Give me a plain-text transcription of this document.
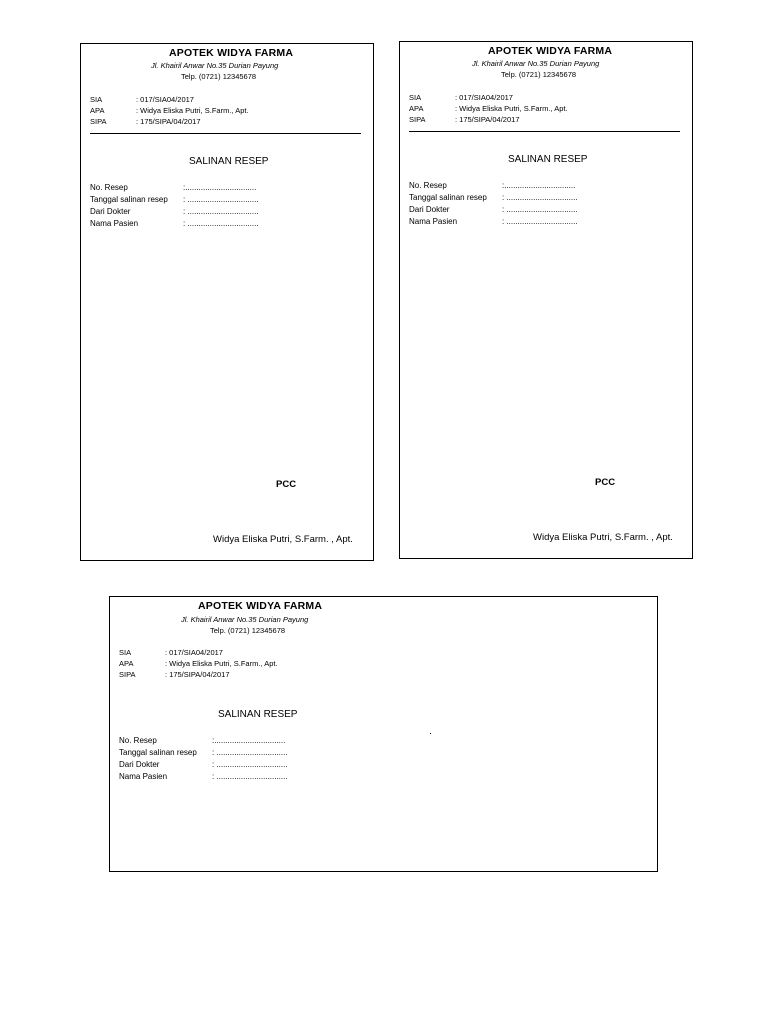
APOTEK WIDYA FARMA
Jl. Khairil Anwar No.35 Durian Payung
Telp. (0721) 12345678
SIA	: 017/SIA04/2017
APA	: Widya Eliska Putri, S.Farm., Apt.
SIPA	: 175/SIPA/04/2017
SALINAN RESEP
No. Resep	:................................
Tanggal salinan resep : ................................
Dari Dokter	: ................................
Nama Pasien	: ................................
PCC
Widya Eliska Putri, S.Farm. , Apt.
APOTEK WIDYA FARMA
Jl. Khairil Anwar No.35 Durian Payung
Telp. (0721) 12345678
SIA	: 017/SIA04/2017
APA	: Widya Eliska Putri, S.Farm., Apt.
SIPA	: 175/SIPA/04/2017
SALINAN RESEP
No. Resep	:................................
Tanggal salinan resep : ................................
Dari Dokter	: ................................
Nama Pasien	: ................................
PCC
Widya Eliska Putri, S.Farm. , Apt.
APOTEK WIDYA FARMA
Jl. Khairil Anwar No.35 Durian Payung
Telp. (0721) 12345678
SIA	: 017/SIA04/2017
APA	: Widya Eliska Putri, S.Farm., Apt.
SIPA	: 175/SIPA/04/2017
SALINAN RESEP
No. Resep	:................................
Tanggal salinan resep : ................................
Dari Dokter	: ................................
Nama Pasien	: ................................
